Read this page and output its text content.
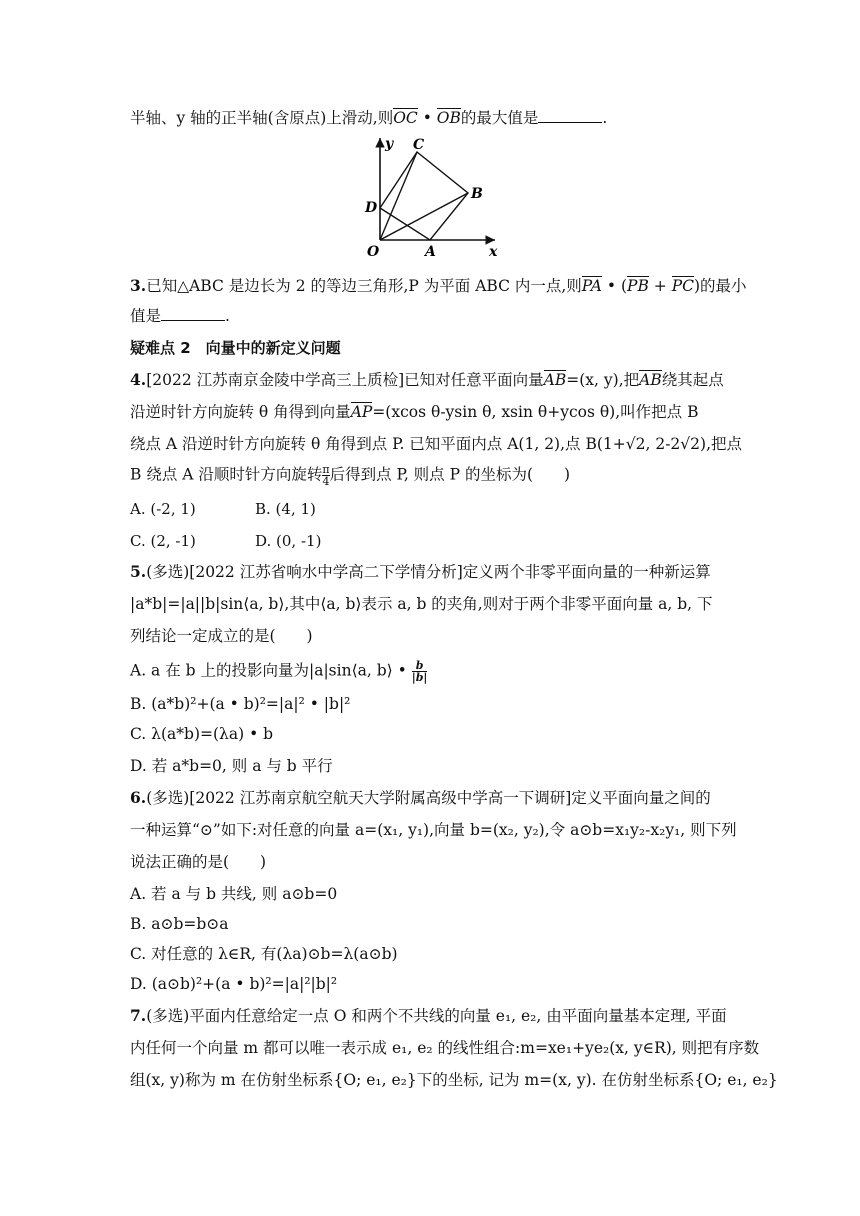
半轴、y 轴的正半轴(含原点)上滑动,则OC • OB的最大值是	.
y
x
O	A
B
C
D
3.已知△ABC 是边长为 2 的等边三角形,P 为平面 ABC 内一点,则PA • (PB + PC)的最小
值是	.
疑难点 2　向量中的新定义问题
4.[2022 江苏南京金陵中学高三上质检]已知对任意平面向量AB=(x, y),把AB绕其起点
沿逆时针方向旋转 θ 角得到向量AP=(xcos θ-ysin θ, xsin θ+ycos θ),叫作把点 B
绕点 A 沿逆时针方向旋转 θ 角得到点 P. 已知平面内点 A(1, 2),点 B(1+√2, 2-2√2),把点
B 绕点 A 沿顺时针方向旋转 $\frac{\pi}{4}$ 后得到点 P, 则点 P 的坐标为(　　)
A. (-2, 1)	B. (4, 1)
C. (2, -1)	D. (0, -1)
5.(多选)[2022 江苏省响水中学高二下学情分析]定义两个非零平面向量的一种新运算
|a*b|=|a||b|sin⟨a, b⟩,其中⟨a, b⟩表示 a, b 的夹角,则对于两个非零平面向量 a, b, 下
列结论一定成立的是(　　)
A. a 在 b 上的投影向量为|a|sin⟨a, b⟩ • $\frac{b}{|b|}$
B. (a*b)²+(a • b)²=|a|² • |b|²
C. λ(a*b)=(λa) • b
D. 若 a*b=0, 则 a 与 b 平行
6.(多选)[2022 江苏南京航空航天大学附属高级中学高一下调研]定义平面向量之间的
一种运算“⊙”如下:对任意的向量 a=(x₁, y₁),向量 b=(x₂, y₂),令 a⊙b=x₁y₂-x₂y₁, 则下列
说法正确的是(　　)
A. 若 a 与 b 共线, 则 a⊙b=0
B. a⊙b=b⊙a
C. 对任意的 λ∈R, 有(λa)⊙b=λ(a⊙b)
D. (a⊙b)²+(a • b)²=|a|²|b|²
7.(多选)平面内任意给定一点 O 和两个不共线的向量 e₁, e₂, 由平面向量基本定理, 平面
内任何一个向量 m 都可以唯一表示成 e₁, e₂ 的线性组合:m=xe₁+ye₂(x, y∈R), 则把有序数
组(x, y)称为 m 在仿射坐标系{O; e₁, e₂}下的坐标, 记为 m=(x, y). 在仿射坐标系{O; e₁, e₂}
